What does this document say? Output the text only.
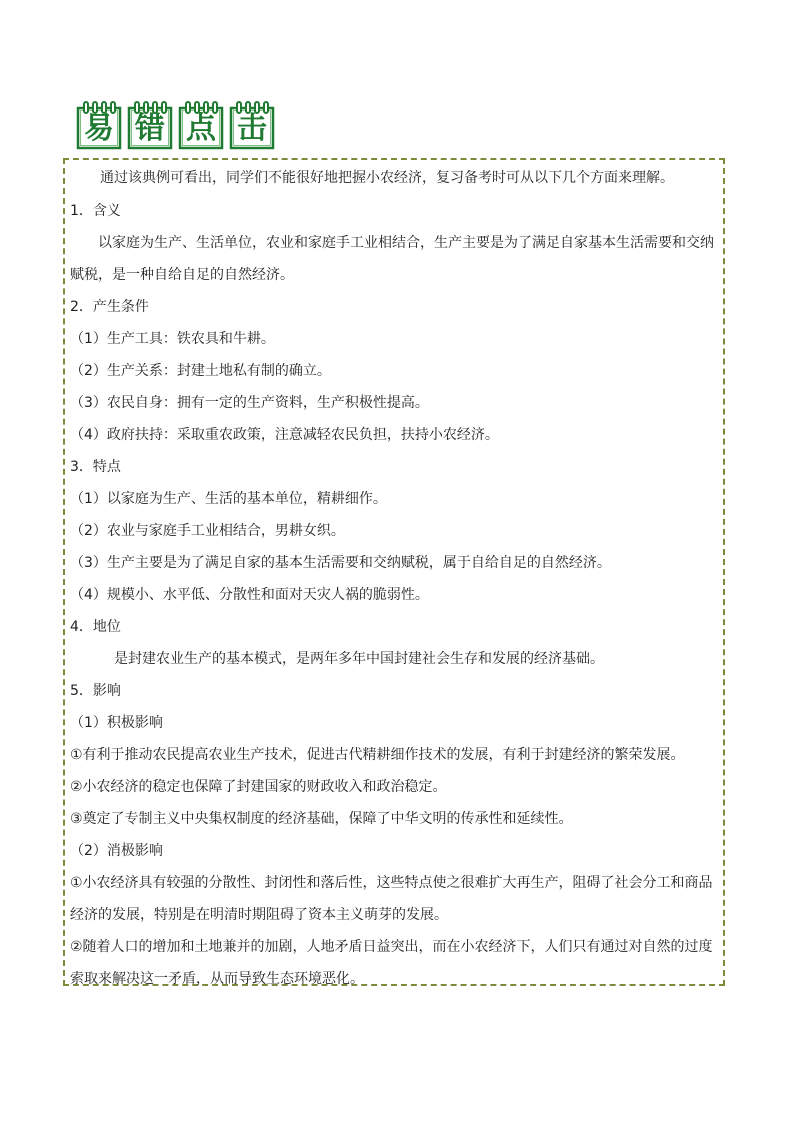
易 错 点 击
通过该典例可看出，同学们不能很好地把握小农经济，复习备考时可从以下几个方面来理解。
1．含义
以家庭为生产、生活单位，农业和家庭手工业相结合，生产主要是为了满足自家基本生活需要和交纳
赋税，是一种自给自足的自然经济。
2．产生条件
（1）生产工具：铁农具和牛耕。
（2）生产关系：封建土地私有制的确立。
（3）农民自身：拥有一定的生产资料，生产积极性提高。
（4）政府扶持：采取重农政策，注意减轻农民负担，扶持小农经济。
3．特点
（1）以家庭为生产、生活的基本单位，精耕细作。
（2）农业与家庭手工业相结合，男耕女织。
（3）生产主要是为了满足自家的基本生活需要和交纳赋税，属于自给自足的自然经济。
（4）规模小、水平低、分散性和面对天灾人祸的脆弱性。
4．地位
是封建农业生产的基本模式，是两年多年中国封建社会生存和发展的经济基础。
5．影响
（1）积极影响
①有利于推动农民提高农业生产技术，促进古代精耕细作技术的发展，有利于封建经济的繁荣发展。
②小农经济的稳定也保障了封建国家的财政收入和政治稳定。
③奠定了专制主义中央集权制度的经济基础，保障了中华文明的传承性和延续性。
（2）消极影响
①小农经济具有较强的分散性、封闭性和落后性，这些特点使之很难扩大再生产，阻碍了社会分工和商品
经济的发展，特别是在明清时期阻碍了资本主义萌芽的发展。
②随着人口的增加和土地兼并的加剧，人地矛盾日益突出，而在小农经济下，人们只有通过对自然的过度
索取来解决这一矛盾，从而导致生态环境恶化。
